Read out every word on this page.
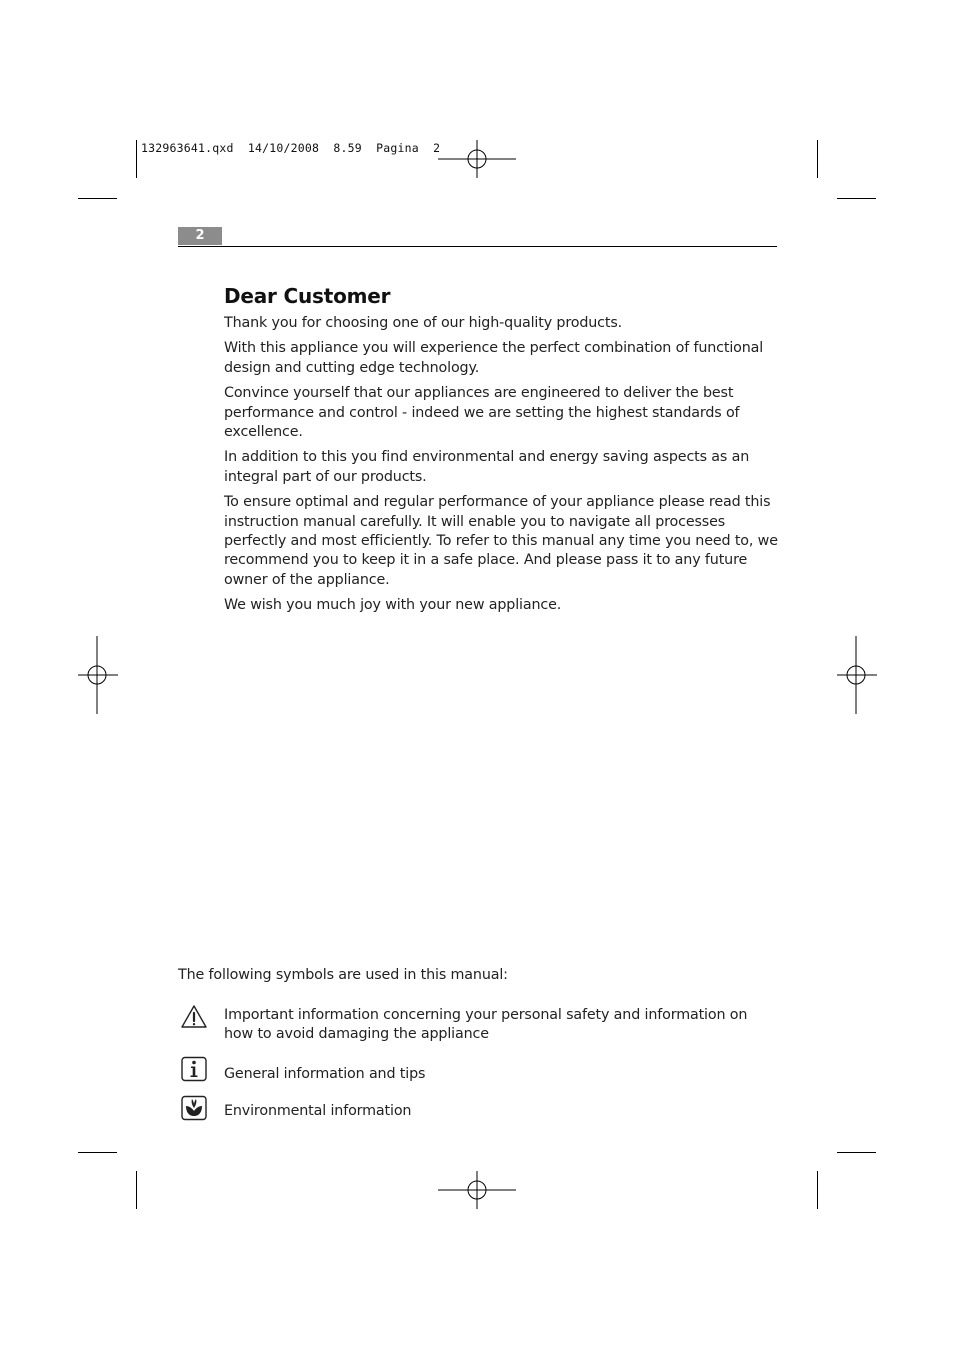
132963641.qxd  14/10/2008  8.59  Pagina  2
2
Dear Customer

Thank you for choosing one of our high-quality products.

With this appliance you will experience the perfect combination of functional design and cutting edge technology.

Convince yourself that our appliances are engineered to deliver the best performance and control - indeed we are setting the highest standards of excellence.

In addition to this you find environmental and energy saving aspects as an integral part of our products.

To ensure optimal and regular performance of your appliance please read this instruction manual carefully. It will enable you to navigate all processes perfectly and most efficiently. To refer to this manual any time you need to, we recommend you to keep it in a safe place. And please pass it to any future owner of the appliance.

We wish you much joy with your new appliance.

The following symbols are used in this manual:
Important information concerning your personal safety and information on how to avoid damaging the appliance
General information and tips
Environmental information
